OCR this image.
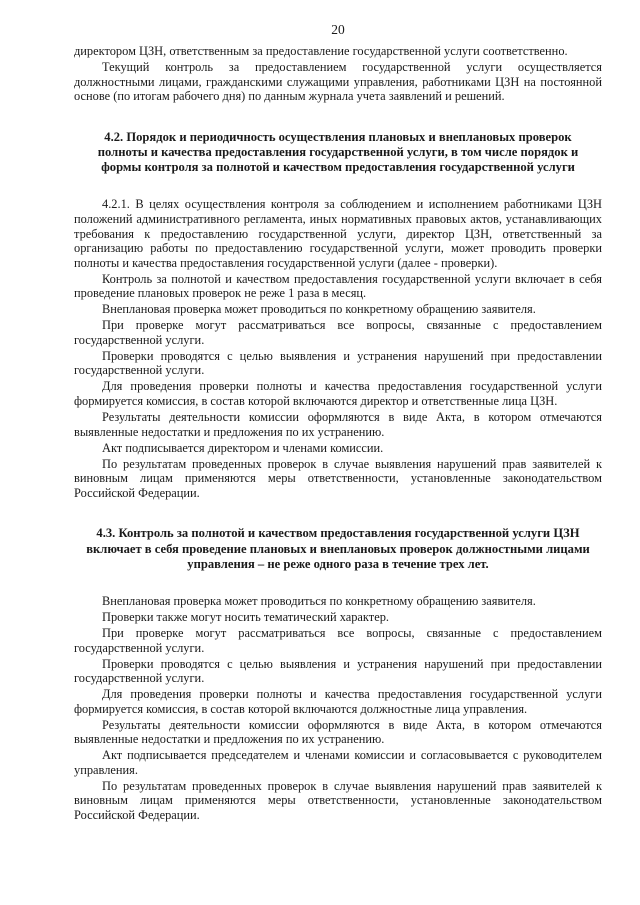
20

директором ЦЗН, ответственным за предоставление государственной услуги соответственно.

Текущий контроль за предоставлением государственной услуги осуществляется должностными лицами, гражданскими служащими управления, работниками ЦЗН на постоянной основе (по итогам рабочего дня) по данным журнала учета заявлений и решений.

4.2. Порядок и периодичность осуществления плановых и внеплановых проверок полноты и качества предоставления государственной услуги, в том числе порядок и формы контроля за полнотой и качеством предоставления государственной услуги

4.2.1. В целях осуществления контроля за соблюдением и исполнением работниками ЦЗН положений административного регламента, иных нормативных правовых актов, устанавливающих требования к предоставлению государственной услуги, директор ЦЗН, ответственный за организацию работы по предоставлению государственной услуги, может проводить проверки полноты и качества предоставления государственной услуги (далее - проверки).

Контроль за полнотой и качеством предоставления государственной услуги включает в себя проведение плановых проверок не реже 1 раза в месяц.

Внеплановая проверка может проводиться по конкретному обращению заявителя.

При проверке могут рассматриваться все вопросы, связанные с предоставлением государственной услуги.

Проверки проводятся с целью выявления и устранения нарушений при предоставлении государственной услуги.

Для проведения проверки полноты и качества предоставления государственной услуги формируется комиссия, в состав которой включаются директор и ответственные лица ЦЗН.

Результаты деятельности комиссии оформляются в виде Акта, в котором отмечаются выявленные недостатки и предложения по их устранению.

Акт подписывается директором и членами комиссии.

По результатам проведенных проверок в случае выявления нарушений прав заявителей к виновным лицам применяются меры ответственности, установленные законодательством Российской Федерации.

4.3. Контроль за полнотой и качеством предоставления государственной услуги ЦЗН включает в себя проведение плановых и внеплановых проверок должностными лицами управления – не реже одного раза в течение трех лет.

Внеплановая проверка может проводиться по конкретному обращению заявителя.

Проверки также могут носить тематический характер.

При проверке могут рассматриваться все вопросы, связанные с предоставлением государственной услуги.

Проверки проводятся с целью выявления и устранения нарушений при предоставлении государственной услуги.

Для проведения проверки полноты и качества предоставления государственной услуги формируется комиссия, в состав которой включаются должностные лица управления.

Результаты деятельности комиссии оформляются в виде Акта, в котором отмечаются выявленные недостатки и предложения по их устранению.

Акт подписывается председателем и членами комиссии и согласовывается с руководителем управления.

По результатам проведенных проверок в случае выявления нарушений прав заявителей к виновным лицам применяются меры ответственности, установленные законодательством Российской Федерации.
